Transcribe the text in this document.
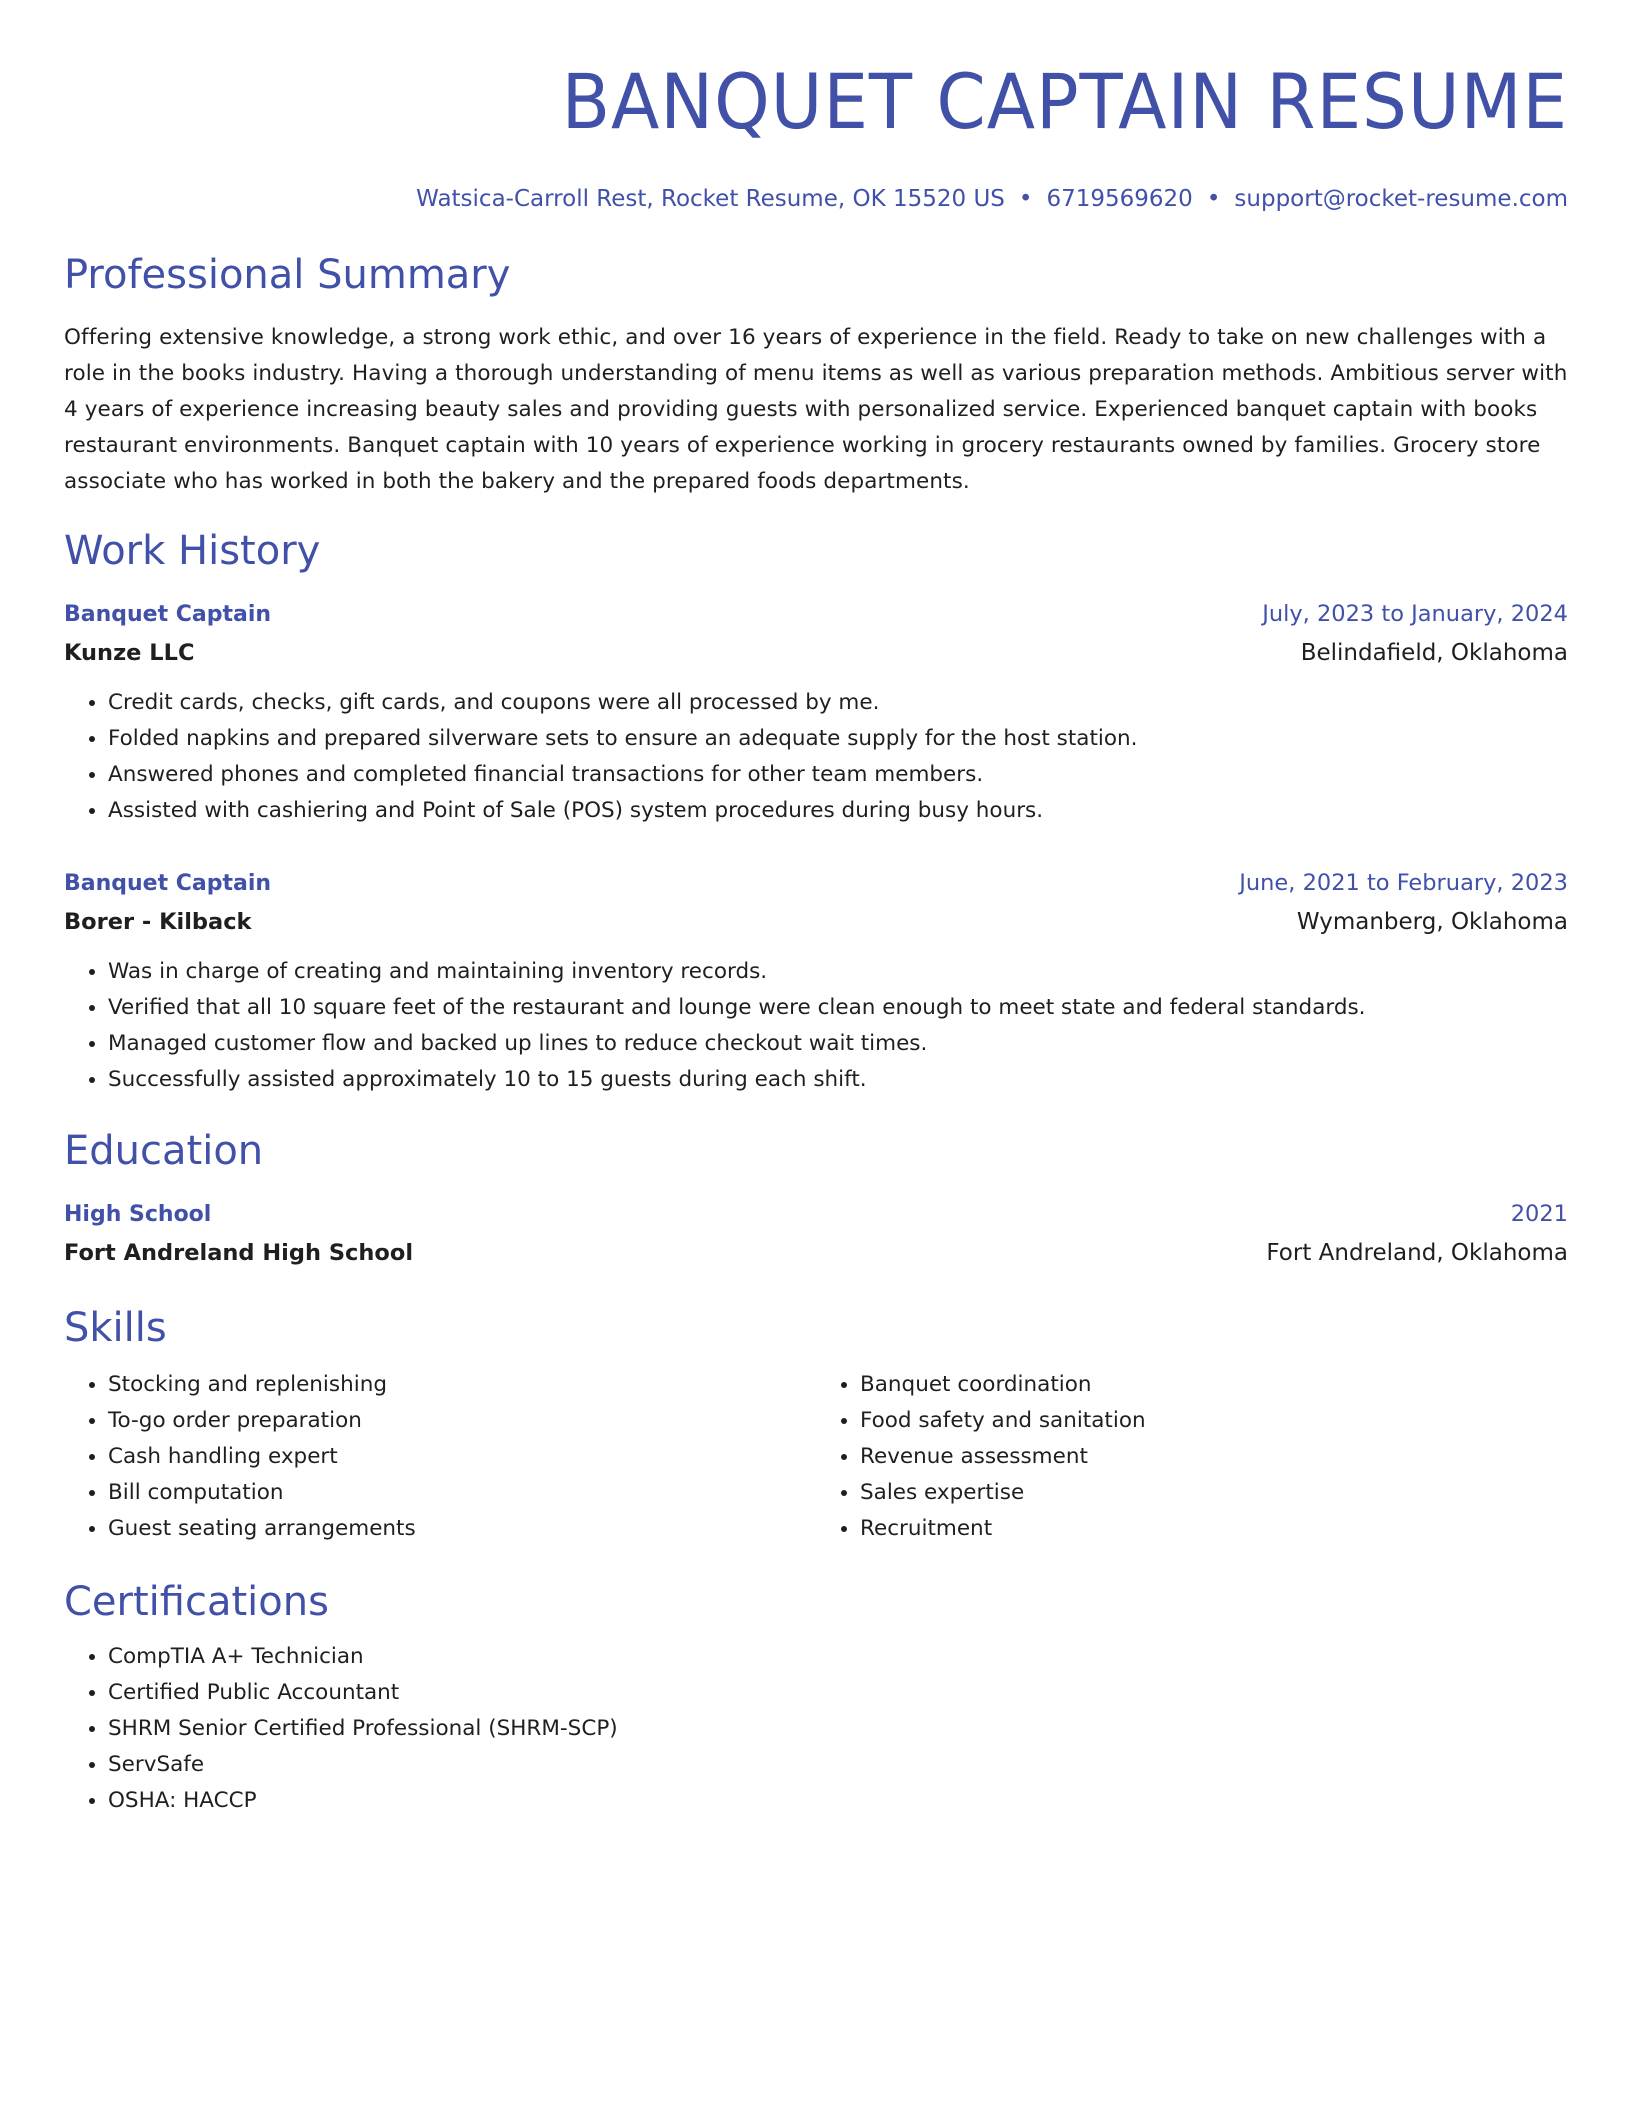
BANQUET CAPTAIN RESUME
Watsica-Carroll Rest, Rocket Resume, OK 15520 US • 6719569620 • support@rocket-resume.com
Professional Summary
Offering extensive knowledge, a strong work ethic, and over 16 years of experience in the field. Ready to take on new challenges with a role in the books industry. Having a thorough understanding of menu items as well as various preparation methods. Ambitious server with 4 years of experience increasing beauty sales and providing guests with personalized service. Experienced banquet captain with books restaurant environments. Banquet captain with 10 years of experience working in grocery restaurants owned by families. Grocery store associate who has worked in both the bakery and the prepared foods departments.
Work History
Banquet Captain	July, 2023 to January, 2024
Kunze LLC	Belindafield, Oklahoma
• Credit cards, checks, gift cards, and coupons were all processed by me.
• Folded napkins and prepared silverware sets to ensure an adequate supply for the host station.
• Answered phones and completed financial transactions for other team members.
• Assisted with cashiering and Point of Sale (POS) system procedures during busy hours.
Banquet Captain	June, 2021 to February, 2023
Borer - Kilback	Wymanberg, Oklahoma
• Was in charge of creating and maintaining inventory records.
• Verified that all 10 square feet of the restaurant and lounge were clean enough to meet state and federal standards.
• Managed customer flow and backed up lines to reduce checkout wait times.
• Successfully assisted approximately 10 to 15 guests during each shift.
Education
High School	2021
Fort Andreland High School	Fort Andreland, Oklahoma
Skills
• Stocking and replenishing
• To-go order preparation
• Cash handling expert
• Bill computation
• Guest seating arrangements
• Banquet coordination
• Food safety and sanitation
• Revenue assessment
• Sales expertise
• Recruitment
Certifications
• CompTIA A+ Technician
• Certified Public Accountant
• SHRM Senior Certified Professional (SHRM-SCP)
• ServSafe
• OSHA: HACCP
